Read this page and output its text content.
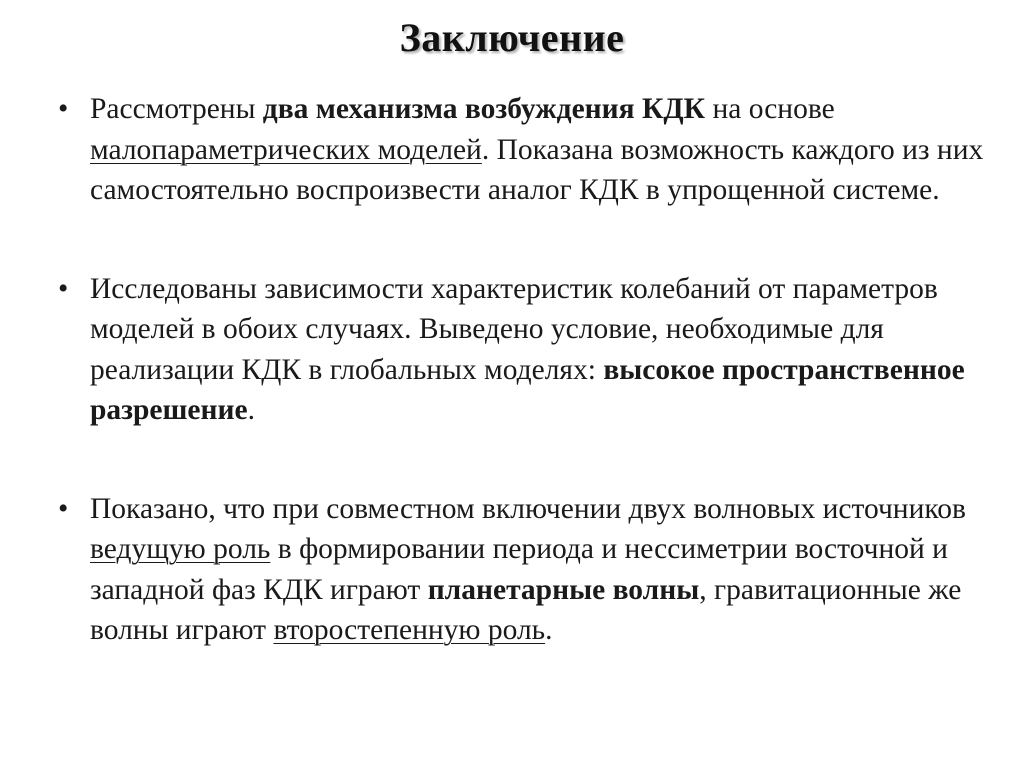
Заключение
• Рассмотрены два механизма возбуждения КДК на основе малопараметрических моделей. Показана возможность каждого из них самостоятельно воспроизвести аналог КДК в упрощенной системе.
• Исследованы зависимости характеристик колебаний от параметров моделей в обоих случаях. Выведено условие, необходимые для реализации КДК в глобальных моделях: высокое пространственное разрешение.
• Показано, что при совместном включении двух волновых источников ведущую роль в формировании периода и нессиметрии восточной и западной фаз КДК играют планетарные волны, гравитационные же волны играют второстепенную роль.
